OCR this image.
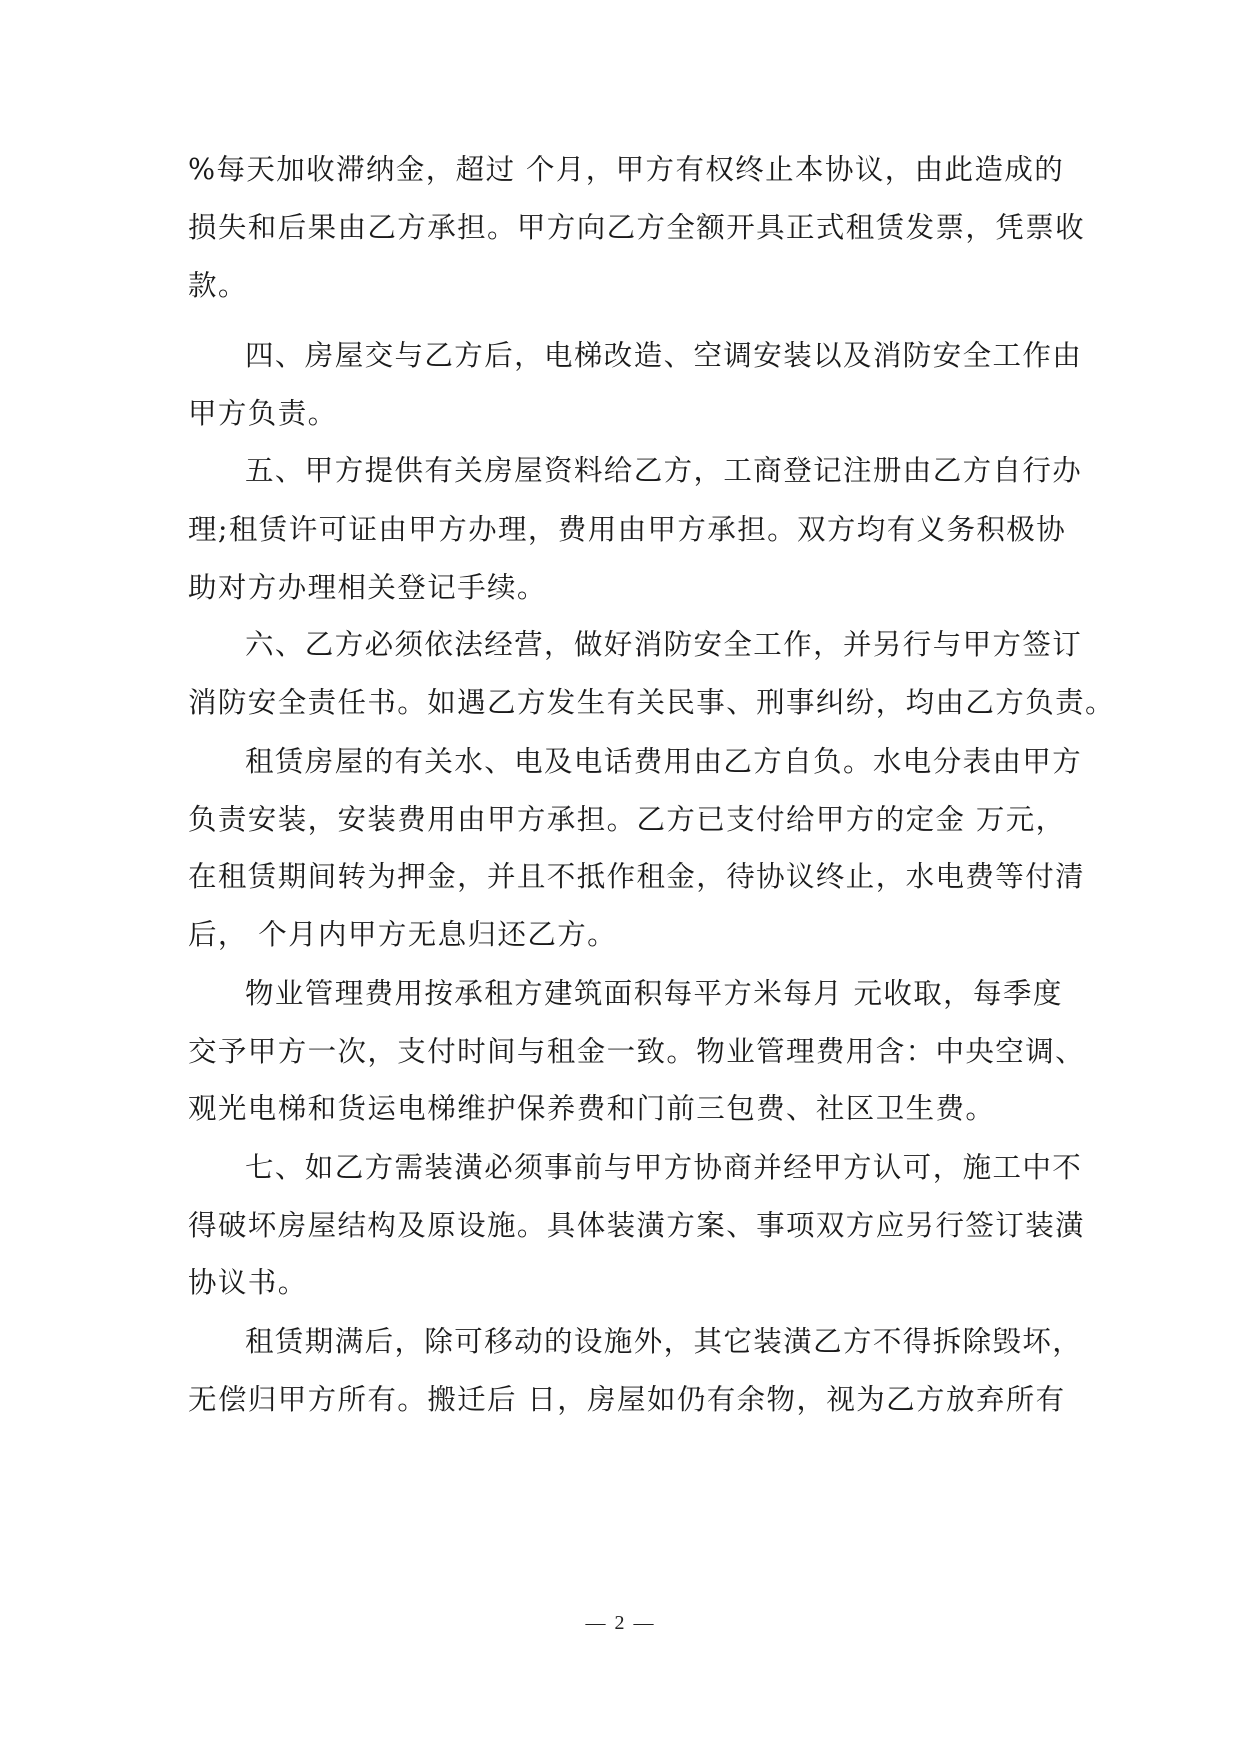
%每天加收滞纳金，超过 个月，甲方有权终止本协议，由此造成的
损失和后果由乙方承担。甲方向乙方全额开具正式租赁发票，凭票收
款。
四、房屋交与乙方后，电梯改造、空调安装以及消防安全工作由
甲方负责。
五、甲方提供有关房屋资料给乙方，工商登记注册由乙方自行办
理;租赁许可证由甲方办理，费用由甲方承担。双方均有义务积极协
助对方办理相关登记手续。
六、乙方必须依法经营，做好消防安全工作，并另行与甲方签订
消防安全责任书。如遇乙方发生有关民事、刑事纠纷，均由乙方负责。
租赁房屋的有关水、电及电话费用由乙方自负。水电分表由甲方
负责安装，安装费用由甲方承担。乙方已支付给甲方的定金 万元，
在租赁期间转为押金，并且不抵作租金，待协议终止，水电费等付清
后， 个月内甲方无息归还乙方。
物业管理费用按承租方建筑面积每平方米每月 元收取，每季度
交予甲方一次，支付时间与租金一致。物业管理费用含：中央空调、
观光电梯和货运电梯维护保养费和门前三包费、社区卫生费。
七、如乙方需装潢必须事前与甲方协商并经甲方认可，施工中不
得破坏房屋结构及原设施。具体装潢方案、事项双方应另行签订装潢
协议书。
租赁期满后，除可移动的设施外，其它装潢乙方不得拆除毁坏，
无偿归甲方所有。搬迁后 日，房屋如仍有余物，视为乙方放弃所有
— 2 —
